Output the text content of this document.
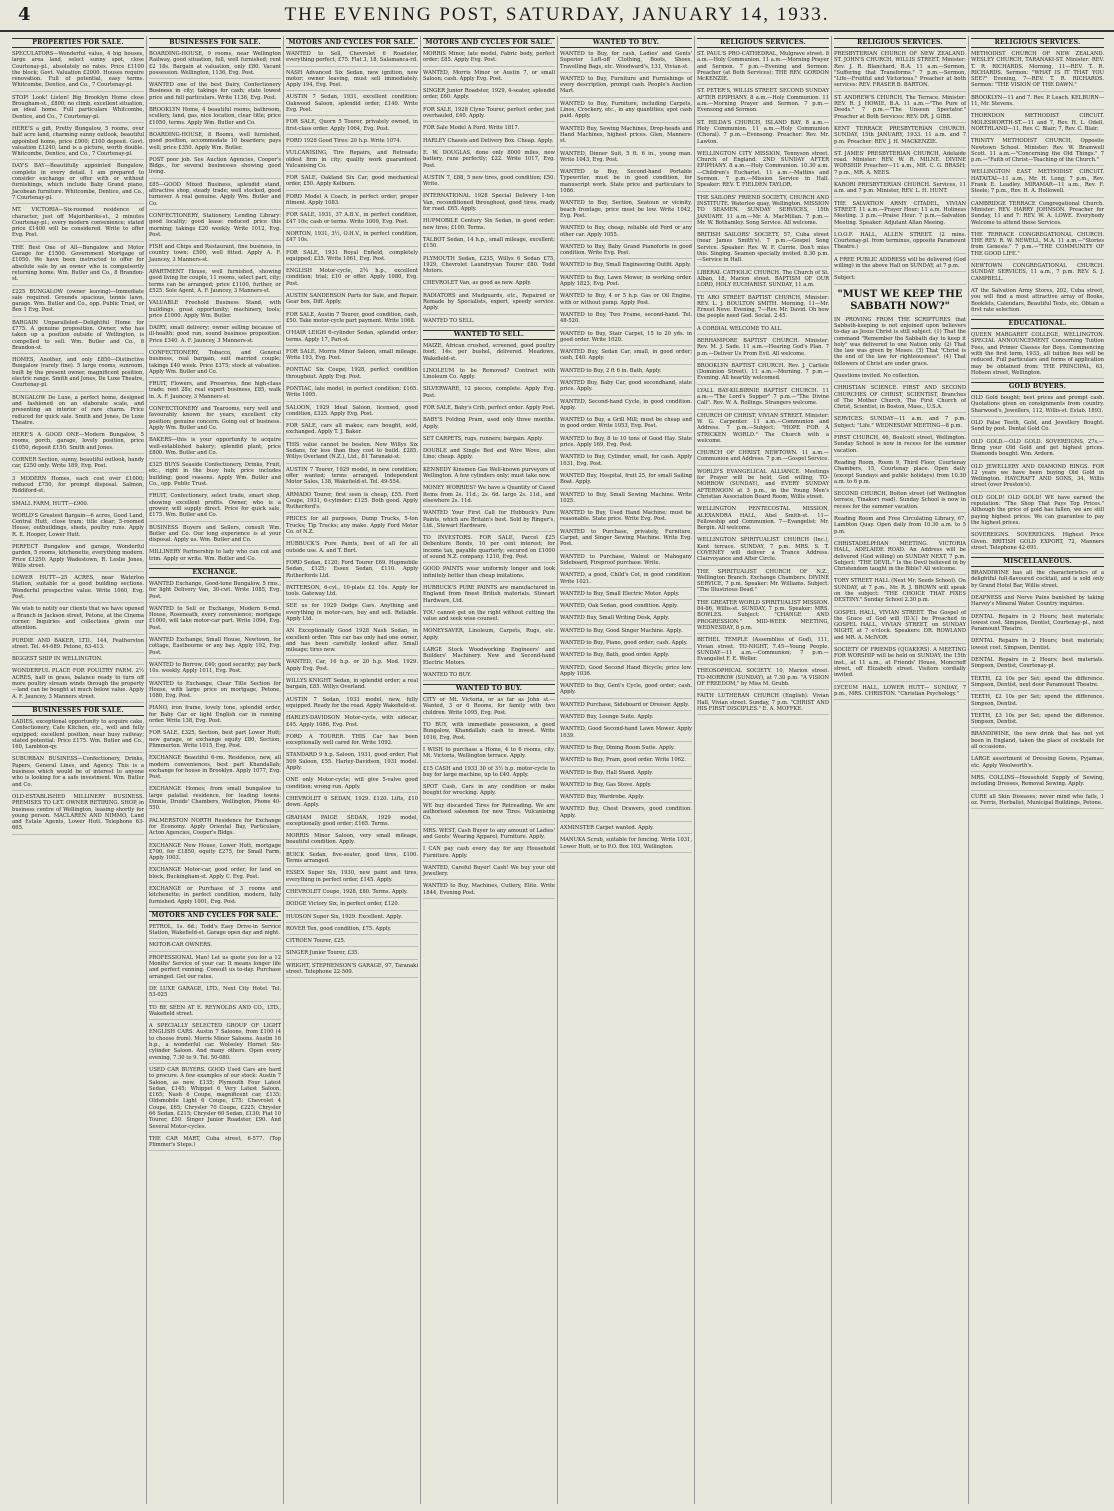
4	THE EVENING POST, SATURDAY, JANUARY 14, 1933.
PROPERTIES FOR SALE.
SPECULATORS—Wonderful value, 4 big houses, large area land, select sunny spot, close Courtenay-pl., absolutely no rates. Price £1100 the block; Govt. Valuation £2000. Houses require renovation. Full of potential, easy terms. Whitcombe, Dentice, and Co., 7 Courtenay-pl.
STOP! Look! Listen! Big Brooklyn Home close Brougham-st., £800; no climb, excellent situation, an ideal home. Full particulars Whitcombe, Dentice, and Co., 7 Courtenay-pl.
HERE'S a gift, Pretty Bungalow, 5 rooms, over half acre land, charming sunny outlook, beautiful appointed home, price £900; £100 deposit. Govt. valuation £1240, land is a picture, worth double. Whitcombe, Dentice, and Co., 7 Courtenay-pl.
DAY'S BAY—Beautifully appointed Bungalow, complete in every detail. I am prepared to consider exchange or offer with or without furnishings, which include Baby Grand piano, Jacobean furniture. Whitcombe, Dentice, and Co., 7 Courtenay-pl.
MT. VICTORIA—Six-roomed residence of character, just off Majoribanks-st., 2 minutes Courtenay-pl.; every modern convenience; stated price £1400 will be considered. Write to offer Evg. Post.
THE Best One of All—Bungalow and Motor Garage for £1500. Government Mortgage of £1050. We have been instructed to offer for absolute sale by an owner who is compulsorily returning home. Wm. Butler and Co., 8 Brandon-st.
£225 BUNGALOW (owner leaving)—Immediate sale required. Grounds spacious, tennis lawn, garage. Wm. Butler and Co., opp. Public Trust, or Box 1 Evg. Post.
BARGAIN Unparalleled—Delightful Home for £775. A genuine proposition. Owner, who has taken up a position outside of Wellington, is compelled to sell. Wm. Butler and Co., 8 Brandon-st.
HOMES, Another, and only £850—Distinctive Bungalow (rarely fine). 5 large rooms, sunroom, built by the present owner, magnificent position, electric range. Smith and Jones, De Luxe Theatre, Courtenay-pl.
BUNGALOW De Luxe, a perfect home, designed and fashioned on an elaborate scale, and presenting an interior of rare charm. Price reduced for quick sale. Smith and Jones, De Luxe Theatre.
HERE'S A GOOD ONE—Modern Bungalow, 5 rooms, porch, garage, lovely position, price £1050, deposit £150. Smith and Jones.
CORNER Section, sunny, beautiful outlook, handy car, £250 only. Write 189, Evg. Post.
3 MODERN Homes, each cost over £1000; reduced £750, for prompt disposal. Salmon, Riddiford-st.
SMALL FARM, HUTT—£900.
WORLD'S Greatest Bargain—6 acres, Good Land, Central Hutt, close tram; title clear; 5-roomed House; outbuildings, sheds, poultry runs. Apply R. E. Hooper, Lower Hutt.
PERFECT Bungalow and garage, Wonderful garden, 5 rooms, kitchenette, everything modern. Price £1250. Apply Wadestown, R. Leslie Jones, Willis street.
LOWER HUTT—25 ACRES, near Waterloo Station, suitable for a good building sections. Wonderful prospective value. Write 1060, Evg. Post.
We wish to notify our clients that we have opened a Branch in Jackson street, Petone, at the Cinema corner. Inquiries and collections given our attention.
PURDIE AND BAKER, LTD., 144, Featherston street. Tel. 44-689. Petone, 63-413.
BIGGEST SHIP IN WELLINGTON.
WONDERFUL PLACE FOR POULTRY FARM. 2½ ACRES, half in grass, balance ready to turn off more poultry stream winds through the property—land can be bought at much below value. Apply A. F. Jauncey, 3 Manners street.
BUSINESSES FOR SALE.
LADIES, exceptional opportunity to acquire cake, Confectionery, Cafe Kitchen, etc., well and fully equipped; excellent position, near busy railway; stated potential. Price £175. Wm. Butler and Co., 160, Lambton-qy.
SUBURBAN BUSINESS—Confectionery, Drinks, Papers, General Lines, and Agency. This is a business which would be of interest to anyone who is looking for a safe investment. Wm. Butler and Co.
OLD-ESTABLISHED MILLINERY BUSINESS. PREMISES TO LET. OWNER RETIRING. SHOP, in business centre of Wellington, leasing shortly for young person. MACLAREN AND NIMMO, Land and Estate Agents, Lower Hutt. Telephone 63-665.
BUSINESSES FOR SALE.
BOARDING-HOUSE, 9 rooms, near Wellington Railway, good situation, full, well furnished; rent £2 18s. Bargain at valuation, only £80. Vacant possession. Wellington, 1136, Evg. Post.
WANTED one of the best Dairy, Confectionery Business in city; takings for cash; state lowest price and full particulars. Write 1136, Evg. Post.
BROOKLYN Home, 4 beautiful rooms, bathroom, scullery, land, gas, nice location, clear title; price £1050, terms. Apply Wm. Butler and Co.
BOARDING-HOUSE, 8 Rooms, well furnished, good position, accommodate 10 boarders; pays well; price £350. Apply Wm. Butler.
POST poor job. See Auction Agencies, Cooper's Bldgs., for several businesses showing good living.
£85—GOOD Mixed Business, splendid stand, attractive shop, steady trade; well stocked, good turnover. A real genuine. Apply Wm. Butler and Co.
CONFECTIONERY, Stationery, Lending Library: good locality; good lease: reduced price this morning; takings £20 weekly. Write 1012, Evg. Post.
FISH and Chips and Restaurant, fine business, in country town; £500, well fitted. Apply A. F. Jauncey, 3 Manners-st.
APARTMENT House, well furnished, showing good living for couple, 11 rooms, select part, city; terms can be arranged; price £1100, further, or £525. Sole Agent, A. F. Jauncey, 3 Manners-st.
VALUABLE Freehold Business Stand, with buildings, great opportunity; machinery, tools; price £1000. Apply Wm. Butler.
DAIRY, small delivery; owner selling because of ill-health; good run, sound business proposition. Price £340. A. F. Jauncey, 3 Manners-st.
CONFECTIONERY, Tobacco, and General business, real bargain, suit married couple; takings £40 week. Price £375; stock at valuation. Apply Wm. Butler and Co.
FRUIT, Flowers, and Preserves, fine high-class trade; rent 28s; real expert business, £85, walk in. A. F. Jauncey, 3 Manners-st.
CONFECTIONERY and Tearooms, very well and favourably known for years, excellent city position; genuine concern. Going out of business. Apply Wm. Butler and Co.
BAKERS—this is your opportunity to acquire well-established bakery; splendid plant; price £800. Wm. Butler and Co.
£325 BUYS Seaside Confectionery, Drinks, Fruit, etc., right in the busy hub; price includes building; good reasons. Apply Wm. Butler and Co., opp. Public Trust.
FRUIT, Confectionery, select trade, smart shop, showing excellent profits. Owner, who is a grower, will supply direct. Price for quick sale, £175. Wm. Butler and Co.
BUSINESS Buyers and Sellers, consult Wm. Butler and Co. Our long experience is at your disposal. Apply us. Wm. Butler and Co.
MILLINERY Partnership to lady who can cut and trim. Apply or write. Wm. Butler and Co.
EXCHANGE.
WANTED Exchange, Good-tone Bungalow, 5 rms., for light Delivery Van, 30-cwt. Write 1085, Evg. Post.
WANTED to Sell or Exchange, Modern 6-rmd. House, Roseneath, every convenience; mortgage £1000, will take motor-car part. Write 1094, Evg. Post.
WANTED Exchange, Small House, Newtown, for cottage, Eastbourne or any bay. Apply 192, Evg. Post.
WANTED to Borrow, £40; good security; pay back 10s. weekly. Apply 1011, Evg. Post.
WANTED to Exchange, Clear Title Section for House, with large price on mortgage, Petone, 1080, Evg. Post.
PIANO, iron frame, lovely tone, splendid order, for Baby Car or light English car in running order. Write 138, Evg. Post.
FOR SALE, £325, Section, best part Lower Hutt; new garage, or exchange equity £80, Section, Plimmerton. Write 1015, Evg. Post.
EXCHANGE Beautiful 6-rm. Residence, new, all modern conveniences, best part Khandallah; exchange for house in Brooklyn. Apply 1077, Evg. Post.
EXCHANGE Homes; from small bungalow to large palatial residence, for leading towns. Dinnie, Druids' Chambers, Wellington, Phone 40-550.
PALMERSTON NORTH Residence for Exchange for Economy. Apply Oriental Bay, Particulars, Acton Agencies, Cooper's Bldgs.
EXCHANGE New House, Lower Hutt, mortgage £700, for £1850, equity £275, for Small Farm, Apply 1003.
EXCHANGE Motor-car, good order, for land on block, Buckingham-st. Apply C. Evg. Post.
EXCHANGE or Purchase of 3 rooms and kitchenette; in perfect condition, modern, fully furnished. Apply 1001, Evg. Post.
MOTORS AND CYCLES FOR SALE.
PETROL, 1s. 6d.; Todd's Easy Drive-in Service Station, Wakefield-st. Garage open day and night.
MOTOR-CAR OWNERS.
PROFESSIONAL Man! Let us quote you for a 12 Months' Service of your car. It means longer life and perfect running. Consult us to-day. Purchase arranged. Get our rates.
DE LUXE GARAGE, LTD., Next City Hotel. Tel. 53-025
TO BE SEEN AT E. REYNOLDS AND CO., LTD., Wakefield street.
A SPECIALLY SELECTED GROUP OF LIGHT ENGLISH CARS. Austin 7 Saloons, from £100 (4 to choose from). Morris Minor Saloons. Austin 16 h.p., a wonderful car. Wolseley Hornet Six-cylinder Saloon. And many others. Open every evening, 7.30 to 9. Tel. 50-080.
USED CAR BUYERS. GOOD Used Cars are hard to procure. A few examples of our stock: Austin 7 Saloon, as new, £135; Plymouth Four Latest Sedan, £145; Whippet 6 Very Latest Saloon, £165; Nash 6 Coupe, magnificent car, £135; Oldsmobile Light 6 Coupe, £75; Chevrolet 4 Coupe, £65; Chrysler 70 Coupe, £225; Chrysler 66 Sedan, £215; Chrysler 60 Sedan, £130; Fiat 10 Tourer, £50. Singer Junior Roadster, £90. And Several Motor-cycles.
THE CAR MART, Cuba street, 6-577. (Top Plimmer's Steps.)
MOTORS AND CYCLES FOR SALE.
WANTED to Sell, Chevrolet 6 Roadster, everything perfect, £75. Flat 3, 18, Salamanca-rd.
NASH Advanced Six Sedan, new ignition, new motor; owner leaving, must sell immediately. Apply 194, Evg. Post.
AUSTIN 7 Sedan, 1931, excellent condition; Oakwood Saloon, splendid order, £140. Write Evg. Post.
FOR SALE, Quorn 5 Tourer, privately owned, in first-class order. Apply 1064, Evg. Post.
FORD 1928 Good Tires: 20 h.p. Write 1074.
VULCANISING, Tire Repairs, and Retreads; oldest firm in city; quality work guaranteed. Vulcanising Co.
FOR SALE, Oakland Six Car, good mechanical order, £50. Apply Kelburn.
FORD Model A Coach, in perfect order; proper fitment. Apply 1083.
FOR SALE, 1931, 37 A.B.V., in perfect condition, £47 10s; cash or terms. Write 1009, Evg. Post.
NORTON, 1931, 3½, O.H.V., in perfect condition, £47 10s.
FOR SALE, 1931 Royal Enfield, completely equipped; £35. Write 1061, Evg. Post.
ENGLISH Motor-cycle, 2¾ h.p., excellent condition; trial; £10 or offer. Apply 1080, Evg. Post.
AUSTIN SANDERSON Parts for Sale, and Repair. Gear box, Diff. Apply.
FOR SALE, Austin 7 Tourer, good condition, cash, £50. Take motor-cycle part payment. Write 1068.
O'HAIR LEIGH 6-cylinder Sedan, splendid order; terms. Apply 17, Pari-st.
FOR SALE, Morris Minor Saloon, small mileage. Write 193, Evg. Post.
PONTIAC Six Coupe, 1928, perfect condition throughout. Apply Evg. Post.
PONTIAC, late model, in perfect condition; £165. Write 1095.
SALOON, 1929 Ideal Saloon, licensed, good condition, £325. Apply Evg. Post.
FOR SALE, cars all makes; cars bought, sold, exchanged. Apply T. J. Baker.
THIS value cannot be beaten. New Willys Six Sedans, for less than they cost to build. £285. Willys Overland (N.Z.), Ltd., 81 Taranaki-st.
AUSTIN 7 Tourer, 1929 model, in new condition; offer wanted; terms arranged. Independent Motor Sales, 138, Wakefield-st. Tel. 49-554.
ARMADO Tourer, first seen is cheap, £55. Ford Coupe, 1931, 6-cylinder; £125. Both good. Apply Rutherford's.
PRICES for all purposes, Dump Trucks, 5-ton Trucks; Tip Trucks; any make. Apply Ford Motor Co. of N.Z.
HUBBUCK'S Pure Paints, best of all for all outside use. A. and T. Burt.
FORD Sedan, £120; Ford Tourer £69. Hupmobile Sedan, £125; Essex Sedan, £110. Apply Rutherfords Ltd.
PATTERSON, 6-cyl., 10-plate £2 10s. Apply for tools. Gateway Ltd.
SEE us for 1929 Dodge Cars. Anything and everything in motor-cars, buy and sell. Reliable. Apply Ltd.
AN Exceptionally Good 1928 Nash Sedan, in excellent order. This car has only had one owner, and has been carefully looked after. Small mileage; tires new.
WANTED, Car, 16 h.p. or 20 h.p. Mod. 1929. Apply Evg. Post.
WILLYS KNIGHT Sedan, in splendid order; a real bargain, £85. Willys Overland.
AUSTIN 7 Sedan, 1933 model, new, fully equipped. Ready for the road. Apply Wakefield-st.
HARLEY-DAVIDSON Motor-cycle, with sidecar, £45. Apply 1086, Evg. Post.
FORD A TOURER. THIS Car has been exceptionally well cared for. Write 1092.
STANDARD 9 h.p. Saloon, 1931, good order; Fiat 509 Saloon, £55. Harley-Davidson, 1931 model. Apply.
ONE only Motor-cycle; will give 5-valve good condition; wrong run. Apply.
CHEVROLET 6 SEDAN, 1929. £120. Lifts, £10 down. Apply.
GRAHAM PAIGE SEDAN, 1929 model, exceptionally good order; £165. Terms.
MORRIS Minor Saloon, very small mileage, beautiful condition. Apply.
BUICK Sedan, five-seater, good tires, £100. Terms arranged.
ESSEX Super Six, 1930, new paint and tires, everything in perfect order, £145. Apply.
CHEVROLET Coupe, 1928, £80. Terms. Apply.
DODGE Victory Six, in perfect order, £120.
HUDSON Super Six, 1929. Excellent. Apply.
ROVER Ten, good condition, £75. Apply.
CITROEN Tourer, £25.
SINGER Junior Tourer, £35.
WRIGHT, STEPHENSON'S GARAGE, 97, Taranaki street. Telephone 22-500.
MOTORS AND CYCLES FOR SALE.
MORRIS Minor, late model, Fabric body, perfect order; £85. Apply Evg. Post.
WANTED, Morris Minor or Austin 7, or small Saloon; cash. Apply Evg. Post.
SINGER Junior Roadster, 1929, 4-seater, splendid order, £60. Apply.
FOR SALE, 1928 Clyno Tourer, perfect order, just overhauled, £40. Apply.
FOR Sale Model A Ford. Write 1817.
HARLEY Chassis and Delivery Box. Cheap. Apply.
E. W. DOUGLAS, done only 8000 miles, new battery, runs perfectly; £22. Write 1017, Evg. Post.
AUSTIN 7, £88, 5 new tires, good condition; £50. Write.
INTERNATIONAL 1928 Special Delivery 1-ton Van, reconditioned throughout, good tires, ready for road. £65. Apply.
HUPMOBILE Century Six Sedan, in good order; new tires; £100. Terms.
TALBOT Sedan, 14 h.p., small mileage, excellent; £150.
PLYMOUTH Sedan, £235, Willys 6 Sedan £75, 1929, Chevrolet Laundryvan Tourer £80. Todd Motors.
CHEVROLET Van, as good as new. Apply.
RADIATORS and Mudguards, etc., Repaired or Remade by Specialists, expert, speedy service. Apply.
WANTED TO SELL.
WANTED TO SELL.
MAIZE, African crushed, screened, good poultry food; 14s. per bushel, delivered. Meadows, Wakefield-st.
LINOLEUM to be Removed? Contract with Linoleum Co. Apply.
SILVERWARE, 12 pieces, complete. Apply Evg. Post.
FOR SALE, Baby's Crib, perfect order. Apply Post.
BABY'S Folding Pram, used only three months. Apply.
SET CARPETS, rugs, runners; bargain. Apply.
DOUBLE and Single Bed and Wire Wove, also Lino; cheap. Apply.
KENNEDY Kinsmen Gas Well-known purveyors of Wellington. A few cylinders only; must take now.
MONEY WORRIES? We have a Quantity of Cased Items from 2s. 11d.; 2s. 6d. large 2s. 11d., and elsewhere 2s. 11d.
WANTED Your First Call for Hubbuck's Pure Paints, which are Britain's best. Sold by Ringer's, Ltd., Stewart Hardware.
TO INVESTORS. FOR SALE, Parcel £25 Debenture Bonds, 10 per cent interest; for income tax, payable quarterly; secured on £1000 of sound N.Z. company. 1210, Evg. Post.
GOOD PAINTS wear uniformly longer and look infinitely better than cheap imitations.
HUBBUCK'S PURE PAINTS are manufactured in England from finest British materials. Stewart Hardware, Ltd.
YOU cannot get on the right without cutting the value and seek wise counsel.
MONEYSAVER, Linoleum, Carpets, Rugs, etc. Apply.
LARGE Stock Woodworking Engineers' and Builders' Machinery. New and Second-hand Electric Motors.
WANTED TO BUY.
WANTED TO BUY.
CITY or Mt. Victoria, or as far as John st.—Wanted, 3 or 6 Rooms, for family with two children. Write 1095, Evg. Post.
TO BUY, with immediate possession, a good Bungalow, Khandallah; cash to invest. Write 1016, Evg. Post.
I WISH to purchase a Home, 4 to 6 rooms, city. Mt. Victoria, Wellington terrace. Apply.
£15 CASH and 1933 30 of 3½ h.p. motor-cycle to buy for large machine, up to £40. Apply.
SPOT Cash, Cars in any condition or make bought for wrecking. Apply.
WE buy discarded Tires for Retreading. We are authorised salesmen for new Tires. Vulcanising Co.
MRS. WEST, Cash Buyer to any amount of Ladies' and Gents' Wearing Apparel, Furniture. Apply.
I CAN pay cash every day for any Household Furniture. Apply.
WANTED, Careful Buyer! Cash! We buy your old Jewellery.
WANTED to Buy, Machines, Cutlery, Elite. Write 1844, Evening Post.
WANTED TO BUY.
WANTED to Buy, for cash, Ladies' and Gents' Superior Left-off Clothing, Boots, Shoes, Travelling Bags, etc. Woodward's, 131, Vivian-st.
WANTED to Buy, Furniture and Furnishings of every description, prompt cash. People's Auction Mart.
WANTED to Buy, Furniture, including Carpets, Linos, Crockery, etc., in any quantities; spot cash paid. Apply.
WANTED Buy, Sewing Machines, Drop-heads and Hand Machines, highest prices. Glen, Manners-st.
WANTED, Dinner Suit, 5 ft. 6 in., young man. Write 1043, Evg. Post.
WANTED to Buy, Second-hand Portable Typewriter, must be in good condition, for manuscript work. State price and particulars to 1086.
WANTED to Buy, Section, Seatoun or vicinity, beach frontage, price must be low. Write 1042, Evg. Post.
WANTED to Buy, cheap, reliable old Ford or any other car. Apply 1055.
WANTED to Buy, Baby Grand Pianoforte in good condition. Write Evg. Post.
WANTED to Buy, Small Engineering Outfit. Apply.
WANTED to Buy, Lawn Mower, in working order. Apply 1823, Evg. Post.
WANTED to Buy, 4 or 5 h.p. Gas or Oil Engine, with or without pump. Apply Post.
WANTED to Buy, Two Frame, second-hand. Tel. 48-520.
WANTED to Buy, Stair Carpet, 15 to 20 yds. in good order. Write 1020.
WANTED Buy, Sedan Car, small, in good order; cash, £40. Apply.
WANTED to Buy, 2 ft 6 in. Bath, Apply.
WANTED Buy, Baby Car, good secondhand, state price. Apply.
WANTED, Second-hand Cycle, in good condition. Apply.
WANTED to Buy, a Grill Mill; must be cheap and in good order. Write 1053, Evg. Post.
WANTED to Buy, 8 to 10 tons of Good Hay. State price. Apply 169, Evg. Post.
WANTED to Buy, Cylinder, small, for cash. Apply 1031, Evg. Post.
WANTED Buy, Hospital, fruit 25, for small Sailing Boat. Apply.
WANTED to Buy, Small Sewing Machine. Write 1025.
WANTED to Buy, Used Hand Machine; must be reasonable. State price. Write Evg. Post.
WANTED to Purchase, privately, Furniture, Carpet, and Singer Sewing Machine. Write Evg. Post.
WANTED to Purchase, Walnut or Mahogany Sideboard, Fireproof purchase. Write.
WANTED, a good, Child's Cot, in good condition. Write 1021.
WANTED to Buy, Small Electric Motor. Apply.
WANTED, Oak Sedan, good condition. Apply.
WANTED Buy, Small Writing Desk, Apply.
WANTED to Buy, Good Singer Machine. Apply.
WANTED to Buy, Piano, good order; cash. Apply.
WANTED to Buy, Bath, good order. Apply.
WANTED, Good Second Hand Bicycle; price low. Apply 1036.
WANTED to Buy, Gent's Cycle, good order; cash. Apply.
WANTED Purchase, Sideboard or Dresser. Apply.
WANTED Buy, Lounge Suite. Apply.
WANTED, Good Second-hand Lawn Mower. Apply 1039.
WANTED to Buy, Dining Room Suite. Apply.
WANTED to Buy, Pram, good order. Write 1062.
WANTED to Buy, Hall Stand. Apply.
WANTED to Buy, Gas Stove. Apply.
WANTED Buy, Wardrobe. Apply.
WANTED Buy, Chest Drawers, good condition. Apply.
AXMINSTER Carpet wanted. Apply.
MANUKA Scrub, suitable for fencing. Write 1031, Lower Hutt, or to P.O. Box 103, Wellington.
RELIGIOUS SERVICES.
ST. PAUL'S PRO-CATHEDRAL, Mulgrave street. 8 a.m.—Holy Communion. 11 a.m.—Morning Prayer and Sermon. 7 p.m.—Evening and Sermon. Preacher (at Both Services): THE REV. GORDON McKENZIE.
ST. PETER'S, WILLIS STREET. SECOND SUNDAY AFTER EPIPHANY. 8 a.m.—Holy Communion. 11 a.m.—Morning Prayer and Sermon. 7 p.m.—Evensong and Sermon.
ST. HILDA'S CHURCH, ISLAND BAY. 8 a.m.—Holy Communion. 11 a.m.—Holy Communion (Choral). 7 p.m.—Evensong. Preacher: Rev. Mr. Lawton.
WELLINGTON CITY MISSION, Tennyson street. Church of England. 2ND SUNDAY AFTER EPIPHANY. 8 a.m.—Holy Communion. 10.30 a.m.—Children's Eucharist. 11 a.m.—Mattins and Sermon. 7 p.m.—Mission Service in Hall. Speaker: REV. T. FIELDEN TAYLOR.
THE SAILORS' FRIEND SOCIETY, CHURCH AND INSTITUTE. Waterloo quay, Wellington. MISSION TO SEAMEN. SUNDAY SERVICES, 15th JANUARY. 11 a.m.—Mr. A. MacMillan. 7 p.m.—Mr. W. Bothamley. Song Service. All welcome.
BRITISH SAILORS' SOCIETY, 57, Cuba street (near James Smith's). 7 p.m.—Gospel Song Service. Speaker: Rev. W. F. Currie. Don't miss this. Singing. Seamen specially invited. 8.30 p.m.—Service in Hall.
LIBERAL CATHOLIC CHURCH. The Church of St. Alban, 18, Marion street. BAPTISM OF OUR LORD, HOLY EUCHARIST. SUNDAY, 11 a.m.
TE ARO STREET BAPTIST CHURCH, Minister: REV. L. J. BOULTON SMITH. Morning, 11—Mr. Ernest Neve. Evening, 7—Rev. Mr. David. Oh how the people need God. Social. 2.45.
A CORDIAL WELCOME TO ALL.
BERHAMPORE BAPTIST CHURCH. Minister: Rev. M. J. Sade. 11 a.m.—Hearing God's Plan. 7 p.m.—Deliver Us From Evil. All welcome.
BROOKLYN BAPTIST CHURCH. Rev. J. Carlisle (Dominion Street). 11 a.m.—Morning. 7 p.m.—Evening. All heartily welcomed.
LYALL BAY-KILBIRNIE BAPTIST CHURCH. 11 a.m.—"The Lord's Supper" 7 p.m.—"The Divine Call". Rev. W. A. Rollings. Strangers welcome.
CHURCH OF CHRIST, VIVIAN STREET. Minister: W. G. Carpenter. 11 a.m.—Communion and Address. 7 p.m.—Subject: "HOPE FOR A STRICKEN WORLD." The Church with a welcome.
CHURCH OF CHRIST, NEWTOWN. 11 a.m.—Communion and Address. 7 p.m.—Gospel Service.
WORLD'S EVANGELICAL ALLIANCE. Meetings for Prayer will be held, God willing, TO-MORROW (SUNDAY), and EVERY SUNDAY AFTERNOON at 3 p.m., in the Young Men's Christian Association Board Room, Willis street.
WELLINGTON PENTECOSTAL MISSION, ALEXANDRA HALL, Abel Smith-st. 11—Fellowship and Communion. 7—Evangelist: Mr. Bergin. All welcome.
WELLINGTON SPIRITUALIST CHURCH (Inc.), Kent terrace. SUNDAY, 7 p.m. MRS. S. T. COVENEY will deliver a Trance Address. Clairvoyance and After Circle.
THE SPIRITUALIST CHURCH OF N.Z., Wellington Branch. Exchange Chambers. DIVINE SERVICE, 7 p.m. Speaker: Mr. Williams. Subject: "The Illustrious Dead."
THE GREATER WORLD SPIRITUALIST MISSION. 84-86, Willis-st. SUNDAY, 7 p.m. Speaker: MRS. BOWLES. Subject: "CHANGE AND PROGRESSION." MID-WEEK MEETING, WEDNESDAY, 8 p.m.
BETHEL TEMPLE (Assemblies of God), 111, Vivian street. TO-NIGHT, 7.45—Young People. SUNDAY—11 a.m.—Communion; 7 p.m.—Evangelist F. E. Weller.
THEOSOPHICAL SOCIETY. 10, Marion street. TO-MORROW (SUNDAY), at 7.30 p.m. "A VISION OF FREEDOM," by Miss M. Grubb.
FAITH LUTHERAN CHURCH (English). Vivian Hall, Vivian street. Sunday, 7 p.m. "CHRIST AND HIS FIRST DISCIPLES." E. A. MOFFKE.
RELIGIOUS SERVICES.
PRESBYTERIAN CHURCH OF NEW ZEALAND. ST. JOHN'S CHURCH, WILLIS STREET. Minister: Rev. J. R. Blanchard, B.A. 11 a.m.—Sermon, "Suffering that Transforms." 7 p.m.—Sermon, "Life—Fruitful and Victorious." Preacher at both services: REV. FRASER B. BARTON.
ST. ANDREW'S CHURCH, The Terrace. Minister: REV. R. J. HOWIE, B.A. 11 a.m.—"The Pure of Deeds." 7 p.m.—"The Unseen Spectator." Preacher at Both Services: REV. DR. J. GIBB.
KENT TERRACE PRESBYTERIAN CHURCH. SUNDAY, 15th JANUARY, 1933. 11 a.m. and 7 p.m. Preacher: REV. J. H. MACKENZIE.
ST. JAMES' PRESBYTERIAN CHURCH, Adelaide road. Minister: REV. W. R. MILNE. DIVINE WORSHIP. Preacher—11 a.m., MR. C. G. BRASH; 7 p.m., MR. A. NEES.
KARORI PRESBYTERIAN CHURCH. Services, 11 a.m. and 7 p.m. Minister, REV. L. H. HUNT.
THE SALVATION ARMY CITADEL, VIVIAN STREET. 11 a.m.—Prayer Hour; 11 a.m. Holiness Meeting. 3 p.m.—Praise Hour. 7 p.m.—Salvation Meeting. Speaker: Adjutant Allan Meeing.
I.O.O.F. HALL, ALLEN STREET. (2 mins. Courtenay-pl. from terminus, opposite Paramount Theatre.)
A FREE PUBLIC ADDRESS will be delivered (God willing) in the above Hall on SUNDAY, at 7 p.m.
Subject:
"MUST WE KEEP THE SABBATH NOW?"
IN PROVING FROM THE SCRIPTURES that Sabbath-keeping is not enjoined upon believers to-day as Jesus Christ is still subject. (1) That the command "Remember the Sabbath day to keep it holy" was delivered to one Nation only. (2) That the law was given by Moses. (3) That "Christ is the end of the law for righteousness". (4) That followers of Christ are under grace.
Questions invited. No collection.
CHRISTIAN SCIENCE. FIRST AND SECOND CHURCHES OF CHRIST, SCIENTIST, Branches of The Mother Church, The First Church of Christ, Scientist, in Boston, Mass., U.S.A.
SERVICES: SUNDAY—11 a.m. and 7 p.m. Subject: "Life." WEDNESDAY MEETING—8 p.m.
FIRST CHURCH, 46, Boulcott street, Wellington. Sunday School is now in recess for the summer vacation.
Reading Room, Room 9, Third Floor, Courtenay Chambers, 15, Courtenay place. Open daily (except Sundays and public holidays) from 10.30 a.m. to 6 p.m.
SECOND CHURCH, Bolton street (off Wellington terrace, Tinakori road). Sunday School is now in recess for the summer vacation.
Reading Room and Free Circulating Library, 67, Lambton Quay. Open daily from 10.30 a.m. to 5 p.m.
CHRISTADELPHIAN MEETING. VICTORIA HALL, ADELAIDE ROAD. An Address will be delivered (God willing) on SUNDAY NEXT, 7 p.m. Subject: "THE DEVIL." Is the Devil believed in by Christendom taught in the Bible? All welcome.
TORY STREET HALL (Next Mr. Seeds School). On SUNDAY, at 7 p.m., Mr. R. J. BROWN will speak on the subject: "THE CHOICE THAT FIXES DESTINY." Sunday School 2.30 p.m.
GOSPEL HALL, VIVIAN STREET. The Gospel of the Grace of God will (D.V.) be Preached in GOSPEL HALL, VIVIAN STREET, on SUNDAY NIGHT, at 7 o'clock. Speakers: DR. ROWLAND and MR. A. McIVOR.
SOCIETY OF FRIENDS (QUAKERS). A MEETING FOR WORSHIP will be held on SUNDAY, the 15th inst., at 11 a.m., at Friends' House, Moncrieff street, off Elizabeth street. Visitors cordially invited.
LYCEUM HALL, LOWER HUTT— SUNDAY, 7 p.m., MRS. CHRISTON. "Christian Psychology."
RELIGIOUS SERVICES.
METHODIST CHURCH OF NEW ZEALAND. WESLEY CHURCH, TARANAKI-ST. Minister: REV. T. R. RICHARDS. Morning, 11—REV. T. R. RICHARDS. Sermon: "WHAT IS IT THAT YOU SEE?" Evening, 7—REV. T. R. RICHARDS. Sermon: "THE VISION OF THE DAWN."
BROOKLYN—11 and 7. Rev. P. Leach. KELBURN—11, Mr. Stevens.
THORNDON METHODIST CIRCUIT. MOLESWORTH-ST.—11 and 7, Rev. H. L. Odell. NORTHLAND—11, Rev. C. Blair; 7, Rev. C. Blair.
TRINITY METHODIST CHURCH, Opposite Newtown School. Minister: Rev. W. Bramwell Scott. 11 a.m.—"Concerning the Old Things." 7 p.m.—"Faith of Christ—Teaching of the Church."
WELLINGTON EAST METHODIST CIRCUIT. HATAITAI—11 a.m., Mr. H. Long; 7 p.m., Rev. Frank E. Leadley. MIRAMAR—11 a.m., Rev. F. Steele; 7 p.m., Rev. H. A. Hollowell.
CAMBRIDGE TERRACE Congregational Church. Minister: REV. HARRY JOHNSON. Preacher for Sunday, 11 and 7: REV. W. A. LOWE. Everybody Welcome to attend these Services.
THE TERRACE CONGREGATIONAL CHURCH. THE REV. R. W. NEWELL, M.A. 11 a.m.—"Stories from Genesis." 7 p.m.—"THE COMMUNITY OF THE GOOD LIFE."
NEWTOWN CONGREGATIONAL CHURCH. SUNDAY SERVICES, 11 a.m., 7 p.m. REV. S. J. CAMPBELL.
AT the Salvation Army Stores, 202, Cuba street, you will find a most attractive array of Books, Booklets, Calendars, Beautiful Texts, etc. Obtain a first rate selection.
EDUCATIONAL.
QUEEN MARGARET COLLEGE, WELLINGTON. SPECIAL ANNOUNCEMENT Concerning Tuition Fees, and Primer Classes for Boys. Commencing with the first term, 1933, all tuition fees will be reduced. Full particulars and forms of application may be obtained from: THE PRINCIPAL, 63, Hobson street, Wellington.
GOLD BUYERS.
OLD Gold bought; best prices and prompt cash. Quotations given on consignments from country. Sharwood's, Jewellers, 112, Willis-st. Estab. 1893.
OLD False Teeth, Gold, and Jewellery Bought. Send by post. Dental Gold Co.
OLD GOLD.—OLD GOLD. SOVEREIGNS, 27s.—Bring your Old Gold and get highest prices. Diamonds bought. Wm. Ardern.
OLD JEWELLERY AND DIAMOND RINGS. FOR 12 years we have been buying Old Gold in Wellington. HAYCRAFT AND SONS, 34, Willis street (over Preston's).
OLD GOLD! OLD GOLD! WE have earned the reputation: "The Shop That Pays Top Prices." Although the price of gold has fallen, we are still paying highest prices. We can guarantee to pay the highest prices.
SOVEREIGNS. SOVEREIGNS. Highest Price Given. BRITISH GOLD EXPORT, 72, Manners street. Telephone 42-691.
MISCELLANEOUS.
BRANDIWINE has all the characteristics of a delightful full-flavoured cocktail, and is sold only by Grand Hotel Bar, Willis street.
DEAFNESS and Nerve Pains banished by taking Harvey's Mineral Water. Country inquiries.
DENTAL Repairs in 2 Hours; best materials; lowest cost. Simpson, Dentist, Courtenay-pl., next Paramount Theatre.
DENTAL Repairs in 2 Hours; best materials; lowest cost. Simpson, Dentist.
DENTAL Repairs in 2 Hours; best materials. Simpson, Dentist, Courtenay-pl.
TEETH, £2 10s per Set; spend the difference. Simpson, Dentist, next door Paramount Theatre.
TEETH, £2 10s per Set; spend the difference. Simpson, Dentist.
TEETH, £3 10s per Set; spend the difference. Simpson, Dentist.
BRANDIWINE, the new drink that has not yet been in England, taken the place of cocktails for all occasions.
LARGE assortment of Dressing Gowns, Pyjamas, etc. Apply Woolworth's.
MRS. COLLINS—Household Supply of Sewing, including Dresses, Removal Sewing. Apply.
CURE all Skin Diseases; never mind who fails, 1 oz. Ferris, Herbalist, Municipal Buildings, Petone.
